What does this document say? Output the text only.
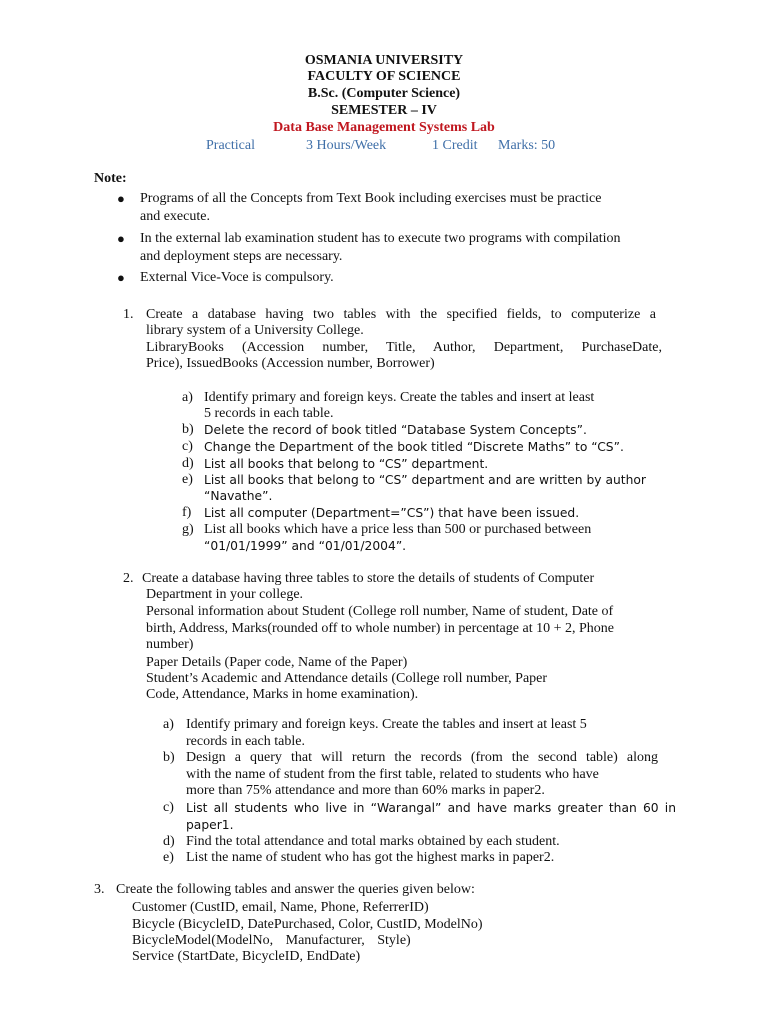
OSMANIA UNIVERSITY
FACULTY OF SCIENCE
B.Sc. (Computer Science)
SEMESTER – IV
Data Base Management Systems Lab
Practical	3 Hours/Week	1 Credit Marks: 50
Note:
● Programs of all the Concepts from Text Book including exercises must be practice
and execute.
● In the external lab examination student has to execute two programs with compilation
and deployment steps are necessary.
● External Vice-Voce is compulsory.
1. Create a database having two tables with the specified fields, to computerize a
library system of a University College.
LibraryBooks (Accession number, Title, Author, Department, PurchaseDate,
Price), IssuedBooks (Accession number, Borrower)
a) Identify primary and foreign keys. Create the tables and insert at least
5 records in each table.
b) Delete the record of book titled “Database System Concepts”.
c) Change the Department of the book titled “Discrete Maths” to “CS”.
d) List all books that belong to “CS” department.
e) List all books that belong to “CS” department and are written by author
“Navathe”.
f) List all computer (Department=”CS”) that have been issued.
g) List all books which have a price less than 500 or purchased between
“01/01/1999” and “01/01/2004”.
2. Create a database having three tables to store the details of students of Computer
Department in your college.
Personal information about Student (College roll number, Name of student, Date of
birth, Address, Marks(rounded off to whole number) in percentage at 10 + 2, Phone
number)
Paper Details (Paper code, Name of the Paper)
Student’s Academic and Attendance details (College roll number, Paper
Code, Attendance, Marks in home examination).
a) Identify primary and foreign keys. Create the tables and insert at least 5
records in each table.
b) Design a query that will return the records (from the second table) along
with the name of student from the first table, related to students who have
more than 75% attendance and more than 60% marks in paper2.
c) List all students who live in “Warangal” and have marks greater than 60 in
paper1.
d) Find the total attendance and total marks obtained by each student.
e) List the name of student who has got the highest marks in paper2.
3. Create the following tables and answer the queries given below:
Customer (CustID, email, Name, Phone, ReferrerID)
Bicycle (BicycleID, DatePurchased, Color, CustID, ModelNo)
BicycleModel(ModelNo, Manufacturer, Style)
Service (StartDate, BicycleID, EndDate)
